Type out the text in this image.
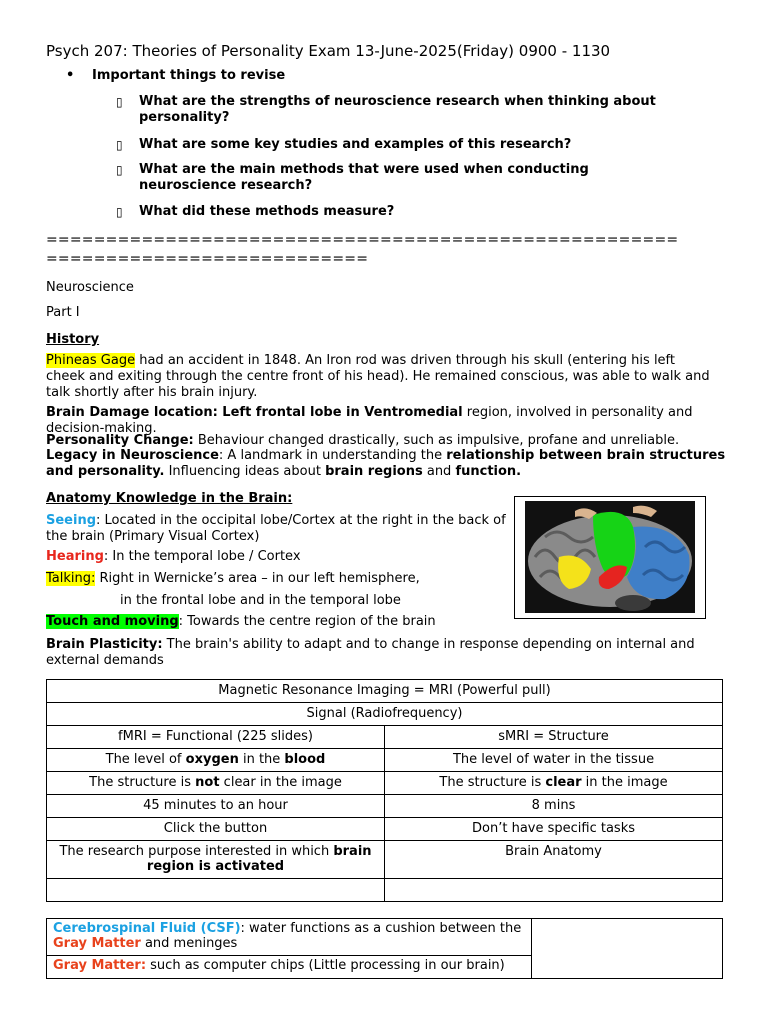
Psych 207: Theories of Personality Exam 13-June-2025(Friday) 0900 - 1130
• Important things to revise
▯ What are the strengths of neuroscience research when thinking about personality?
▯ What are some key studies and examples of this research?
▯ What are the main methods that were used when conducting neuroscience research?
▯ What did these methods measure?
=====================================================
===========================
Neuroscience
Part I
History
Phineas Gage had an accident in 1848. An Iron rod was driven through his skull (entering his left cheek and exiting through the centre front of his head). He remained conscious, was able to walk and talk shortly after his brain injury.
Brain Damage location: Left frontal lobe in Ventromedial region, involved in personality and decision-making.
Personality Change: Behaviour changed drastically, such as impulsive, profane and unreliable.
Legacy in Neuroscience: A landmark in understanding the relationship between brain structures and personality. Influencing ideas about brain regions and function.
Anatomy Knowledge in the Brain:
Seeing: Located in the occipital lobe/Cortex at the right in the back of the brain (Primary Visual Cortex)
Hearing: In the temporal lobe / Cortex
Talking: Right in Wernicke’s area – in our left hemisphere,
in the frontal lobe and in the temporal lobe
Touch and moving: Towards the centre region of the brain
Brain Plasticity: The brain's ability to adapt and to change in response depending on internal and external demands
Magnetic Resonance Imaging = MRI (Powerful pull)	
Signal (Radiofrequency)	
fMRI = Functional (225 slides)	sMRI = Structure
The level of oxygen in the blood	The level of water in the tissue
The structure is not clear in the image	The structure is clear in the image
45 minutes to an hour	8 mins
Click the button	Don’t have specific tasks
The research purpose interested in which brain region is activated	Brain Anatomy

Cerebrospinal Fluid (CSF): water functions as a cushion between the Gray Matter and meninges	
Gray Matter: such as computer chips (Little processing in our brain)
